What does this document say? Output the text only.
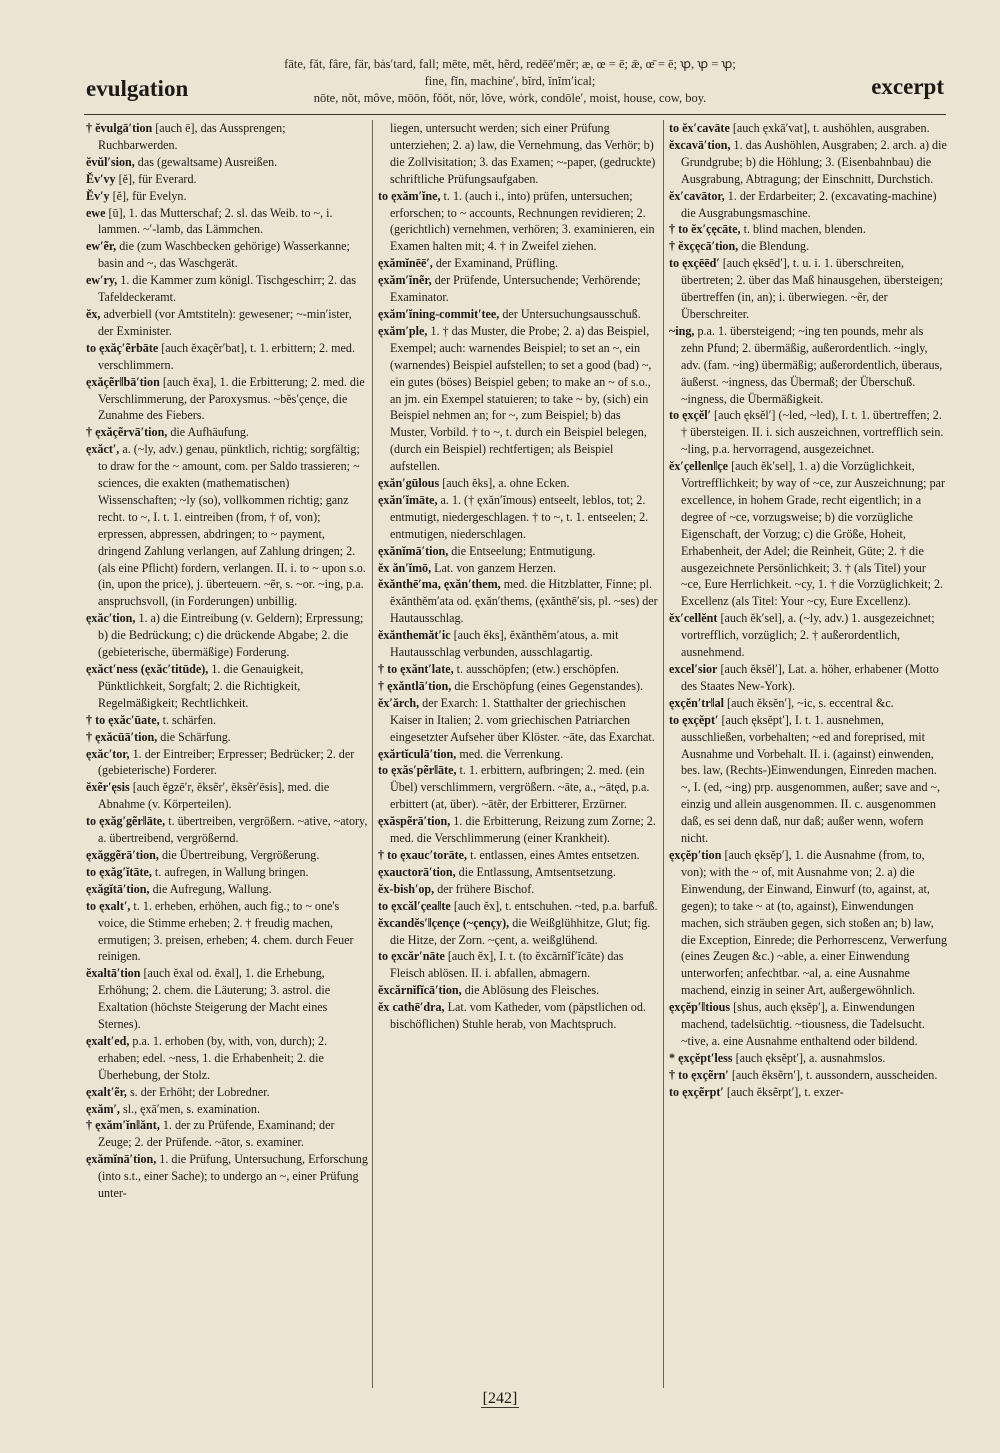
evulgation
fāte, făt, fâre, fär, bȧs′tard, fall; mēte, mĕt, hẽrd, redēē′mẽr; æ, œ = ē; ǣ, œ̄ = ē; ꝕ, ꝕ = ꝕ;
fine, fĭn, machine′, bĭrd, ĭnĭm′ical;
nōte, nŏt, môve, mōōn, fŏŏt, nör, lŏve, wȯrk, condōle′, moist, house, cow, boy.	excerpt

† ĕvulgā′tion [auch ē], das Aussprengen; Ruchbarwerden.

ĕvŭl′sion, das (gewaltsame) Ausreißen.

Ĕv′vy [ĕ], für Everard.

Ĕv′y [ĕ], für Evelyn.

ewe [ū], 1. das Mutterschaf; 2. sl. das Weib. to ~, i. lammen. ~′-lamb, das Lämmchen.

ew′ẽr, die (zum Waschbecken gehörige) Wasserkanne; basin and ~, das Waschgerät.

ew′ry, 1. die Kammer zum königl. Tischgeschirr; 2. das Tafeldeckeramt.

ĕx, adverbiell (vor Amtstiteln): gewesener; ~-min′ister, der Exminister.

to ęxăç′ẽrbāte [auch ĕxaçẽr′bat], t. 1. erbittern; 2. med. verschlimmern.

ęxăçẽr‖bā′tion [auch ĕxa], 1. die Erbitterung; 2. med. die Verschlimmerung, der Paroxysmus. ~bĕs′çençe, die Zunahme des Fiebers.

† ęxăçẽrvā′tion, die Aufhäufung.

ęxăct′, a. (~ly, adv.) genau, pünktlich, richtig; sorgfältig; to draw for the ~ amount, com. per Saldo trassieren; ~ sciences, die exakten (mathematischen) Wissenschaften; ~ly (so), vollkommen richtig; ganz recht. to ~, I. t. 1. eintreiben (from, † of, von); erpressen, abpressen, abdringen; to ~ payment, dringend Zahlung verlangen, auf Zahlung dringen; 2. (als eine Pflicht) fordern, verlangen. II. i. to ~ upon s.o. (in, upon the price), j. überteuern. ~ẽr, s. ~or. ~ing, p.a. anspruchsvoll, (in Forderungen) unbillig.

ęxăc′tion, 1. a) die Eintreibung (v. Geldern); Erpressung; b) die Bedrückung; c) die drückende Abgabe; 2. die (gebieterische, übermäßige) Forderung.

ęxăct′ness (ęxăc′titūde), 1. die Genauigkeit, Pünktlichkeit, Sorgfalt; 2. die Richtigkeit, Regelmäßigkeit; Rechtlichkeit.

† to ęxăc′ūate, t. schärfen.

† ęxăcūā′tion, die Schärfung.

ęxăc′tor, 1. der Eintreiber; Erpresser; Bedrücker; 2. der (gebieterische) Forderer.

ĕxẽr′ęsis [auch ĕgzē′r, ĕksẽr′, ĕksẽr′ēsis], med. die Abnahme (v. Körperteilen).

to ęxăg′gẽr‖āte, t. übertreiben, vergrößern. ~ative, ~atory, a. übertreibend, vergrößernd.

ęxăggẽrā′tion, die Übertreibung, Vergrößerung.

to ęxăg′ĭtāte, t. aufregen, in Wallung bringen.

ęxăgĭtā′tion, die Aufregung, Wallung.

to ęxalt′, t. 1. erheben, erhöhen, auch fig.; to ~ one's voice, die Stimme erheben; 2. † freudig machen, ermutigen; 3. preisen, erheben; 4. chem. durch Feuer reinigen.

ĕxaltā′tion [auch ĕxal od. ĕxal], 1. die Erhebung, Erhöhung; 2. chem. die Läuterung; 3. astrol. die Exaltation (höchste Steigerung der Macht eines Sternes).

ęxalt′ed, p.a. 1. erhoben (by, with, von, durch); 2. erhaben; edel. ~ness, 1. die Erhabenheit; 2. die Überhebung, der Stolz.

ęxalt′ẽr, s. der Erhöht; der Lobredner.

ęxăm′, sl., ęxā′men, s. examination.

† ęxăm′ĭn‖ănt, 1. der zu Prüfende, Examinand; der Zeuge; 2. der Prüfende. ~ātor, s. examiner.

ęxămĭnā′tion, 1. die Prüfung, Untersuchung, Erforschung (into s.t., einer Sache); to undergo an ~, einer Prüfung unter-

liegen, untersucht werden; sich einer Prüfung unterziehen; 2. a) law, die Vernehmung, das Verhör; b) die Zollvisitation; 3. das Examen; ~-paper, (gedruckte) schriftliche Prüfungsaufgaben.

to ęxăm′ĭne, t. 1. (auch i., into) prüfen, untersuchen; erforschen; to ~ accounts, Rechnungen revidieren; 2. (gerichtlich) vernehmen, verhören; 3. examinieren, ein Examen halten mit; 4. † in Zweifel ziehen.

ęxămĭnēē′, der Examinand, Prüfling.

ęxăm′ĭnẽr, der Prüfende, Untersuchende; Verhörende; Examinator.

ęxăm′ĭning-commit′tee, der Untersuchungsausschuß.

ęxăm′ple, 1. † das Muster, die Probe; 2. a) das Beispiel, Exempel; auch: warnendes Beispiel; to set an ~, ein (warnendes) Beispiel aufstellen; to set a good (bad) ~, ein gutes (böses) Beispiel geben; to make an ~ of s.o., an jm. ein Exempel statuieren; to take ~ by, (sich) ein Beispiel nehmen an; for ~, zum Beispiel; b) das Muster, Vorbild. † to ~, t. durch ein Beispiel belegen, (durch ein Beispiel) rechtfertigen; als Beispiel aufstellen.

ęxăn′gūlous [auch ĕks], a. ohne Ecken.

ęxăn′ĭmāte, a. 1. († ęxăn′ĭmous) entseelt, leblos, tot; 2. entmutigt, niedergeschlagen. † to ~, t. 1. entseelen; 2. entmutigen, niederschlagen.

ęxănĭmā′tion, die Entseelung; Entmutigung.

ĕx ăn′ĭmō, Lat. von ganzem Herzen.

ĕxănthē′ma, ęxăn′them, med. die Hitzblatter, Finne; pl. ĕxănthĕm′ata od. ęxăn′thems, (ęxănthē′sis, pl. ~ses) der Hautausschlag.

ĕxănthemăt′ic [auch ĕks], ĕxănthĕm′atous, a. mit Hautausschlag verbunden, ausschlagartig.

† to ęxănt′late, t. ausschöpfen; (etw.) erschöpfen.

† ęxăntlā′tion, die Erschöpfung (eines Gegenstandes).

ĕx′ărch, der Exarch: 1. Statthalter der griechischen Kaiser in Italien; 2. vom griechischen Patriarchen eingesetzter Aufseher über Klöster. ~āte, das Exarchat.

ęxărtĭculā′tion, med. die Verrenkung.

to ęxăs′pẽr‖āte, t. 1. erbittern, aufbringen; 2. med. (ein Übel) verschlimmern, vergrößern. ~āte, a., ~ātęd, p.a. erbittert (at, über). ~ātẽr, der Erbitterer, Erzürner.

ęxăspẽrā′tion, 1. die Erbitterung, Reizung zum Zorne; 2. med. die Verschlimmerung (einer Krankheit).

† to ęxauc′torāte, t. entlassen, eines Amtes entsetzen.

ęxauctorā′tion, die Entlassung, Amtsentsetzung.

ĕx-bish′op, der frühere Bischof.

to ęxcăl′çea‖te [auch ĕx], t. entschuhen. ~ted, p.a. barfuß.

ĕxcandĕs′‖çençe (~çençy), die Weißglühhitze, Glut; fig. die Hitze, der Zorn. ~çent, a. weißglühend.

to ęxcăr′nāte [auch ĕx], I. t. (to ĕxcărnĭf′ĭcāte) das Fleisch ablösen. II. i. abfallen, abmagern.

ĕxcărnĭfĭcā′tion, die Ablösung des Fleisches.

ĕx cathē′dra, Lat. vom Katheder, vom (päpstlichen od. bischöflichen) Stuhle herab, von Machtspruch.

to ĕx′cavāte [auch ęxkā′vat], t. aushöhlen, ausgraben.

ĕxcavā′tion, 1. das Aushöhlen, Ausgraben; 2. arch. a) die Grundgrube; b) die Höhlung; 3. (Eisenbahnbau) die Ausgrabung, Abtragung; der Einschnitt, Durchstich.

ĕx′cavātor, 1. der Erdarbeiter; 2. (excavating-machine) die Ausgrabungsmaschine.

† to ĕx′çęcāte, t. blind machen, blenden.

† ĕxçęcā′tion, die Blendung.

to ęxçēēd′ [auch ęksēd′], t. u. i. 1. überschreiten, übertreten; 2. über das Maß hinausgehen, übersteigen; übertreffen (in, an); i. überwiegen. ~ẽr, der Überschreiter.

~ing, p.a. 1. übersteigend; ~ing ten pounds, mehr als zehn Pfund; 2. übermäßig, außerordentlich. ~ingly, adv. (fam. ~ing) übermäßig; außerordentlich, überaus, äußerst. ~ingness, das Übermaß; der Überschuß. ~ingness, die Übermäßigkeit.

to ęxçĕl′ [auch ęksĕl′] (~led, ~led), I. t. 1. übertreffen; 2. † übersteigen. II. i. sich auszeichnen, vortrefflich sein. ~ling, p.a. hervorragend, ausgezeichnet.

ĕx′çellen‖çe [auch ĕk′sel], 1. a) die Vorzüglichkeit, Vortrefflichkeit; by way of ~ce, zur Auszeichnung; par excellence, in hohem Grade, recht eigentlich; in a degree of ~ce, vorzugsweise; b) die vorzügliche Eigenschaft, der Vorzug; c) die Größe, Hoheit, Erhabenheit, der Adel; die Reinheit, Güte; 2. † die ausgezeichnete Persönlichkeit; 3. † (als Titel) your ~ce, Eure Herrlichkeit. ~cy, 1. † die Vorzüglichkeit; 2. Excellenz (als Titel: Your ~cy, Eure Excellenz).

ĕx′cellĕnt [auch ĕk′sel], a. (~ly, adv.) 1. ausgezeichnet; vortrefflich, vorzüglich; 2. † außerordentlich, ausnehmend.

excel′sior [auch ĕksĕl′], Lat. a. höher, erhabener (Motto des Staates New-York).

ęxçĕn′tr‖al [auch ĕksĕn′], ~ic, s. eccentral &c.

to ęxçĕpt′ [auch ęksĕpt′], I. t. 1. ausnehmen, ausschließen, vorbehalten; ~ed and foreprised, mit Ausnahme und Vorbehalt. II. i. (against) einwenden, bes. law, (Rechts-)Einwendungen, Einreden machen. ~, I. (ed, ~ing) prp. ausgenommen, außer; save and ~, einzig und allein ausgenommen. II. c. ausgenommen daß, es sei denn daß, nur daß; außer wenn, wofern nicht.

ęxçĕp′tion [auch ęksĕp′], 1. die Ausnahme (from, to, von); with the ~ of, mit Ausnahme von; 2. a) die Einwendung, der Einwand, Einwurf (to, against, at, gegen); to take ~ at (to, against), Einwendungen machen, sich sträuben gegen, sich stoßen an; b) law, die Exception, Einrede; die Perhorrescenz, Verwerfung (eines Zeugen &c.) ~able, a. einer Einwendung unterworfen; anfechtbar. ~al, a. eine Ausnahme machend, einzig in seiner Art, außergewöhnlich.

ęxçĕp′‖tious [shus, auch ęksĕp′], a. Einwendungen machend, tadelsüchtig. ~tiousness, die Tadelsucht. ~tive, a. eine Ausnahme enthaltend oder bildend.

* ęxçĕpt′less [auch ęksĕpt′], a. ausnahmslos.

† to ęxçẽrn′ [auch ĕksẽrn′], t. aussondern, ausscheiden.

to ęxçẽrpt′ [auch ĕksẽrpt′], t. exzer-

[242]
